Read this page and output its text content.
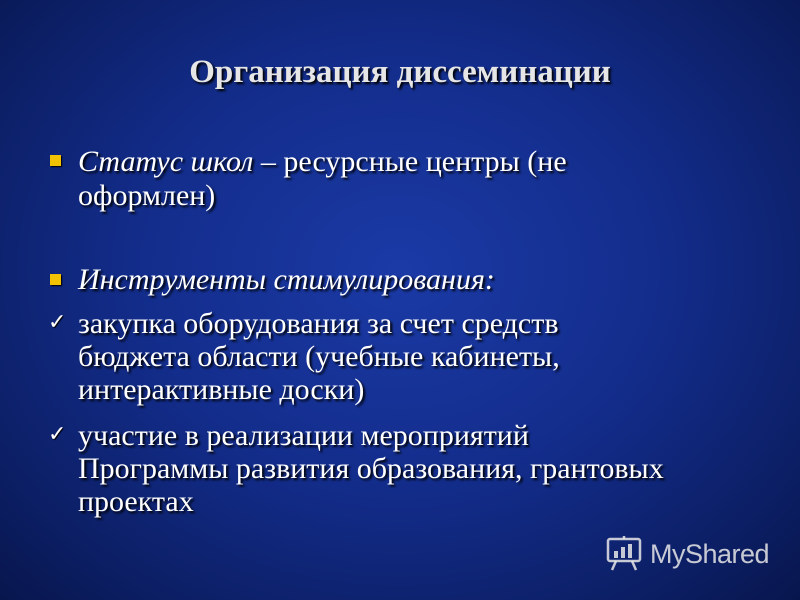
Организация диссеминации
Статус школ – ресурсные центры (не
оформлен)
Инструменты стимулирования:
✓ закупка оборудования за счет средств
бюджета области (учебные кабинеты,
интерактивные доски)
✓ участие в реализации мероприятий
Программы развития образования, грантовых
проектах
MyShared
